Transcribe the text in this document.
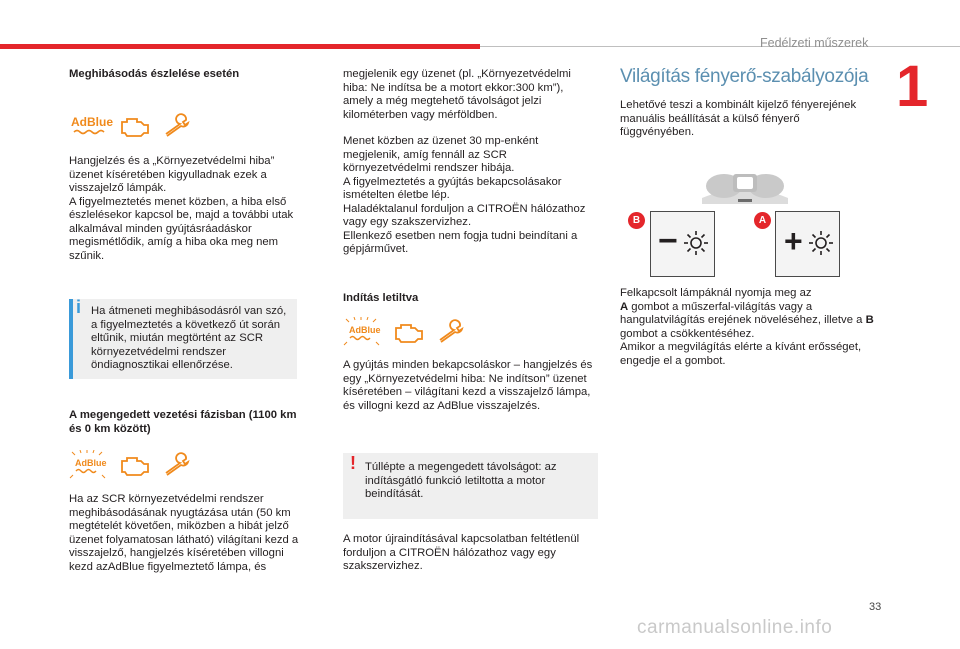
Fedélzeti műszerek
1
Meghibásodás észlelése esetén
AdBlue
Hangjelzés és a „Környezetvédelmi hiba” üzenet kíséretében kigyulladnak ezek a visszajelző lámpák.
A figyelmeztetés menet közben, a hiba első észlelésekor kapcsol be, majd a további utak alkalmával minden gyújtásráadáskor megismétlődik, amíg a hiba oka meg nem szűnik.
i Ha átmeneti meghibásodásról van szó, a figyelmeztetés a következő út során eltűnik, miután megtörtént az SCR környezetvédelmi rendszer öndiagnosztikai ellenőrzése.
A megengedett vezetési fázisban (1100 km és 0 km között)
AdBlue
Ha az SCR környezetvédelmi rendszer meghibásodásának nyugtázása után (50 km megtételét követően, miközben a hibát jelző üzenet folyamatosan látható) világítani kezd a visszajelző, hangjelzés kíséretében villogni kezd azAdBlue figyelmeztető lámpa, és
megjelenik egy üzenet (pl. „Környezetvédelmi hiba: Ne indítsa be a motort ekkor:300 km”), amely a még megtehető távolságot jelzi kilométerben vagy mérföldben.
Menet közben az üzenet 30 mp-enként megjelenik, amíg fennáll az SCR környezetvédelmi rendszer hibája.
A figyelmeztetés a gyújtás bekapcsolásakor ismételten életbe lép.
Haladéktalanul forduljon a CITROËN hálózathoz vagy egy szakszervizhez.
Ellenkező esetben nem fogja tudni beindítani a gépjárművet.
Indítás letiltva
AdBlue
A gyújtás minden bekapcsoláskor – hangjelzés és egy „Környezetvédelmi hiba: Ne indítson” üzenet kíséretében – világítani kezd a visszajelző lámpa, és villogni kezd az AdBlue visszajelzés.
! Túllépte a megengedett távolságot: az indításgátló funkció letiltotta a motor beindítását.
A motor újraindításával kapcsolatban feltétlenül forduljon a CITROËN hálózathoz vagy egy szakszervizhez.
Világítás fényerő-szabályozója
Lehetővé teszi a kombinált kijelző fényerejének manuális beállítását a külső fényerő függvényében.
B
−
A
+
Felkapcsolt lámpáknál nyomja meg az
A gombot a műszerfal-világítás vagy a hangulatvilágítás erejének növeléséhez, illetve a B gombot a csökkentéséhez.
Amikor a megvilágítás elérte a kívánt erősséget, engedje el a gombot.
33
carmanualsonline.info
